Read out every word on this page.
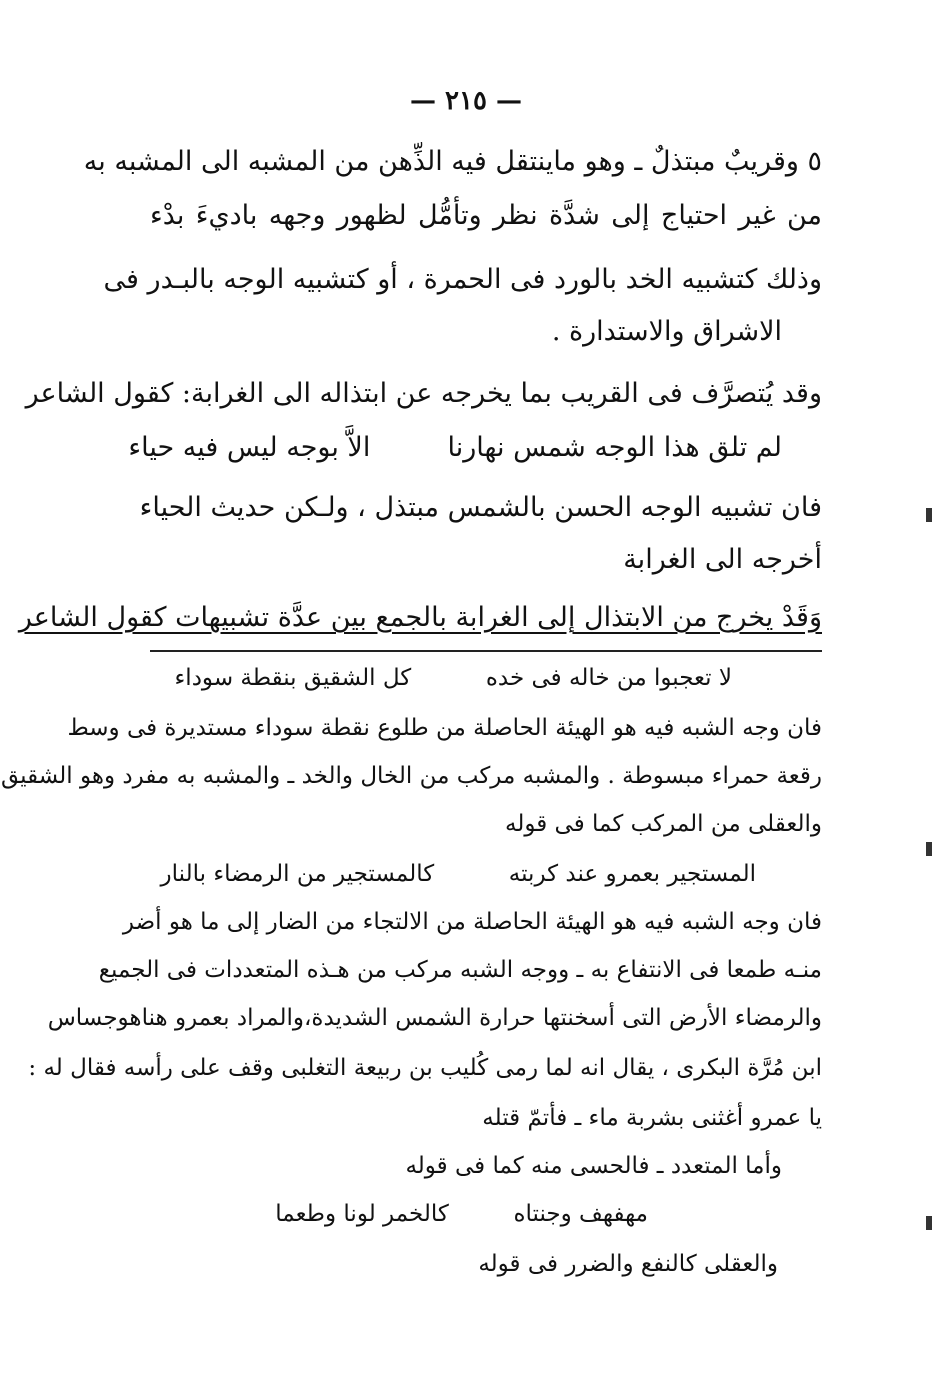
— ٢١٥ —
٥ وقريبٌ مبتذلٌ ـ وهو ماينتقل فيه الذِّهن من المشبه الى المشبه به
من غير احتياج إلى شدَّة نظر وتأمُّل لظهور وجهه باديءَ بدْء
وذلك كتشبيه الخد بالورد فى الحمرة ، أو كتشبيه الوجه بالبـدر فى
الاشراق والاستدارة .
وقد يُتصرَّف فى القريب بما يخرجه عن ابتذاله الى الغرابة: كقول الشاعر
لم تلق هذا الوجه شمس نهارنا  الاَّ بوجه ليس فيه حياء
فان تشبيه الوجه الحسن بالشمس مبتذل ، ولـكن حديث الحياء
أخرجه الى الغرابة
وَقَدْ يخرج من الابتذال إلى الغرابة بالجمع بين عدَّة تشبيهات كقول الشاعر
لا تعجبوا من خاله فى خده  كل الشقيق بنقطة سوداء
فان وجه الشبه فيه هو الهيئة الحاصلة من طلوع نقطة سوداء مستديرة فى وسط
رقعة حمراء مبسوطة . والمشبه مركب من الخال والخد ـ والمشبه به مفرد وهو الشقيق
والعقلى من المركب كما فى قوله
المستجير بعمرو عند كربته  كالمستجير من الرمضاء بالنار
فان وجه الشبه فيه هو الهيئة الحاصلة من الالتجاء من الضار إلى ما هو أضر
منـه طمعا فى الانتفاع به ـ ووجه الشبه مركب من هـذه المتعددات فى الجميع
والرمضاء الأرض التى أسخنتها حرارة الشمس الشديدة،والمراد بعمرو هناهوجساس
ابن مُرَّة البكرى ، يقال انه لما رمى كُليب بن ربيعة التغلبى وقف على رأسه فقال له :
يا عمرو أغثنى بشربة ماء ـ فأتمّ قتله
وأما المتعدد ـ فالحسى منه كما فى قوله
مهفهف وجنتاه  كالخمر لونا وطعما
والعقلى كالنفع والضرر فى قوله
